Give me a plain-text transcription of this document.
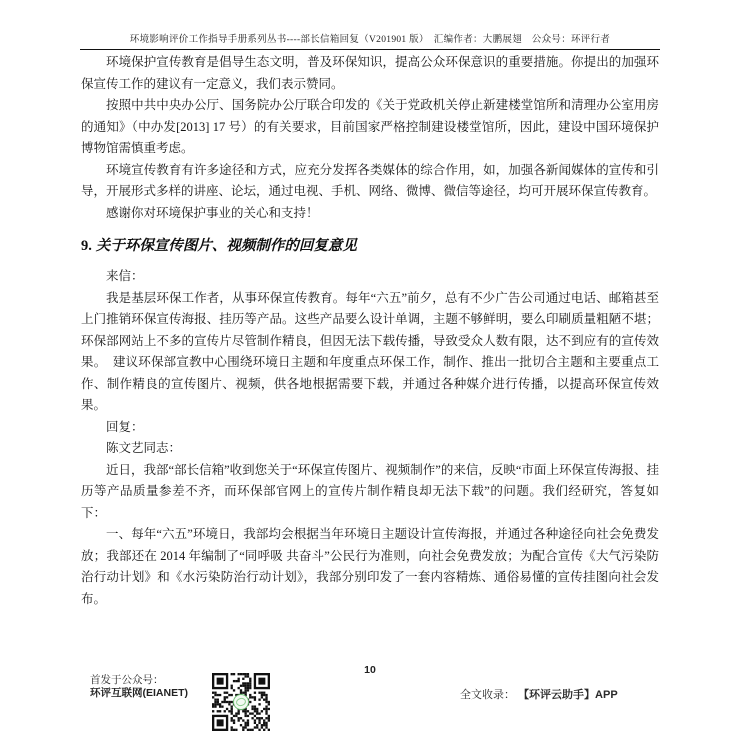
环境影响评价工作指导手册系列丛书----部长信箱回复（V201901 版）　汇编作者：大鹏展翅　公众号：环评行者

环境保护宣传教育是倡导生态文明，普及环保知识，提高公众环保意识的重要措施。你提出的加强环保宣传工作的建议有一定意义，我们表示赞同。

按照中共中央办公厅、国务院办公厅联合印发的《关于党政机关停止新建楼堂馆所和清理办公室用房的通知》（中办发[2013] 17 号）的有关要求，目前国家严格控制建设楼堂馆所，因此，建设中国环境保护博物馆需慎重考虑。

环境宣传教育有许多途径和方式，应充分发挥各类媒体的综合作用，如，加强各新闻媒体的宣传和引导，开展形式多样的讲座、论坛，通过电视、手机、网络、微博、微信等途径，均可开展环保宣传教育。

感谢你对环境保护事业的关心和支持！

9. 关于环保宣传图片、视频制作的回复意见

来信：

我是基层环保工作者，从事环保宣传教育。每年“六五”前夕，总有不少广告公司通过电话、邮箱甚至上门推销环保宣传海报、挂历等产品。这些产品要么设计单调，主题不够鲜明，要么印刷质量粗陋不堪；环保部网站上不多的宣传片尽管制作精良，但因无法下载传播，导致受众人数有限，达不到应有的宣传效果。　建议环保部宣教中心围绕环境日主题和年度重点环保工作，制作、推出一批切合主题和主要重点工作、制作精良的宣传图片、视频，供各地根据需要下载，并通过各种媒介进行传播，以提高环保宣传效果。

回复：

陈文艺同志：

近日，我部“部长信箱”收到您关于“环保宣传图片、视频制作”的来信，反映“市面上环保宣传海报、挂历等产品质量参差不齐，而环保部官网上的宣传片制作精良却无法下载”的问题。我们经研究，答复如下：

一、每年“六五”环境日，我部均会根据当年环境日主题设计宣传海报，并通过各种途径向社会免费发放；我部还在 2014 年编制了“同呼吸 共奋斗”公民行为准则，向社会免费发放；为配合宣传《大气污染防治行动计划》和《水污染防治行动计划》，我部分别印发了一套内容精炼、通俗易懂的宣传挂图向社会发布。

10
首发于公众号：
环评互联网(EIANET)	全文收录： 【环评云助手】APP
